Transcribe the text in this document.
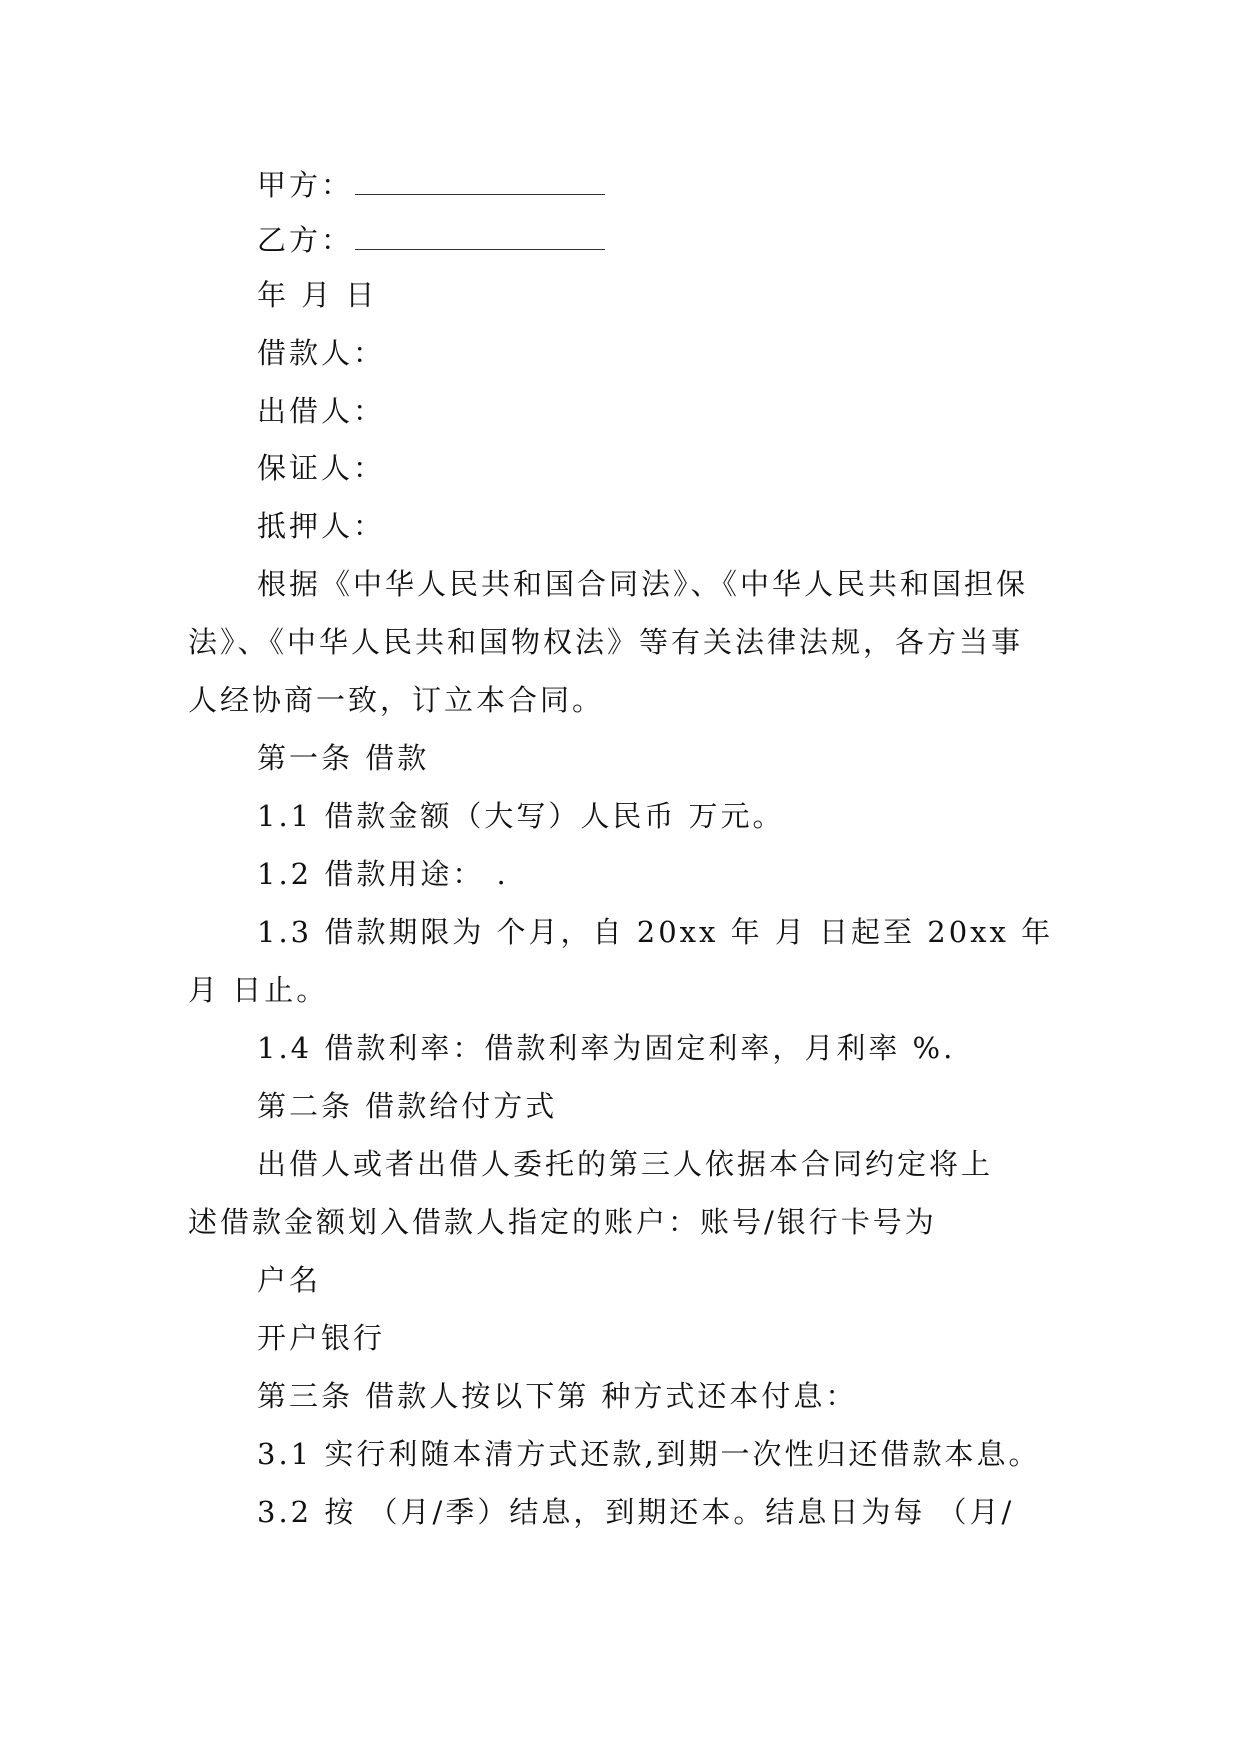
甲方：
乙方：
年 月 日
借款人：
出借人：
保证人：
抵押人：
根据《中华人民共和国合同法》、《中华人民共和国担保
法》、《中华人民共和国物权法》等有关法律法规，各方当事
人经协商一致，订立本合同。
第一条 借款
1.1 借款金额（大写）人民币 万元。
1.2 借款用途： .
1.3 借款期限为 个月，自 20xx 年 月 日起至 20xx 年
月 日止。
1.4 借款利率：借款利率为固定利率，月利率 %.
第二条 借款给付方式
出借人或者出借人委托的第三人依据本合同约定将上
述借款金额划入借款人指定的账户：账号/银行卡号为
户名
开户银行
第三条 借款人按以下第 种方式还本付息：
3.1 实行利随本清方式还款,到期一次性归还借款本息。
3.2 按 （月/季）结息，到期还本。结息日为每 （月/
